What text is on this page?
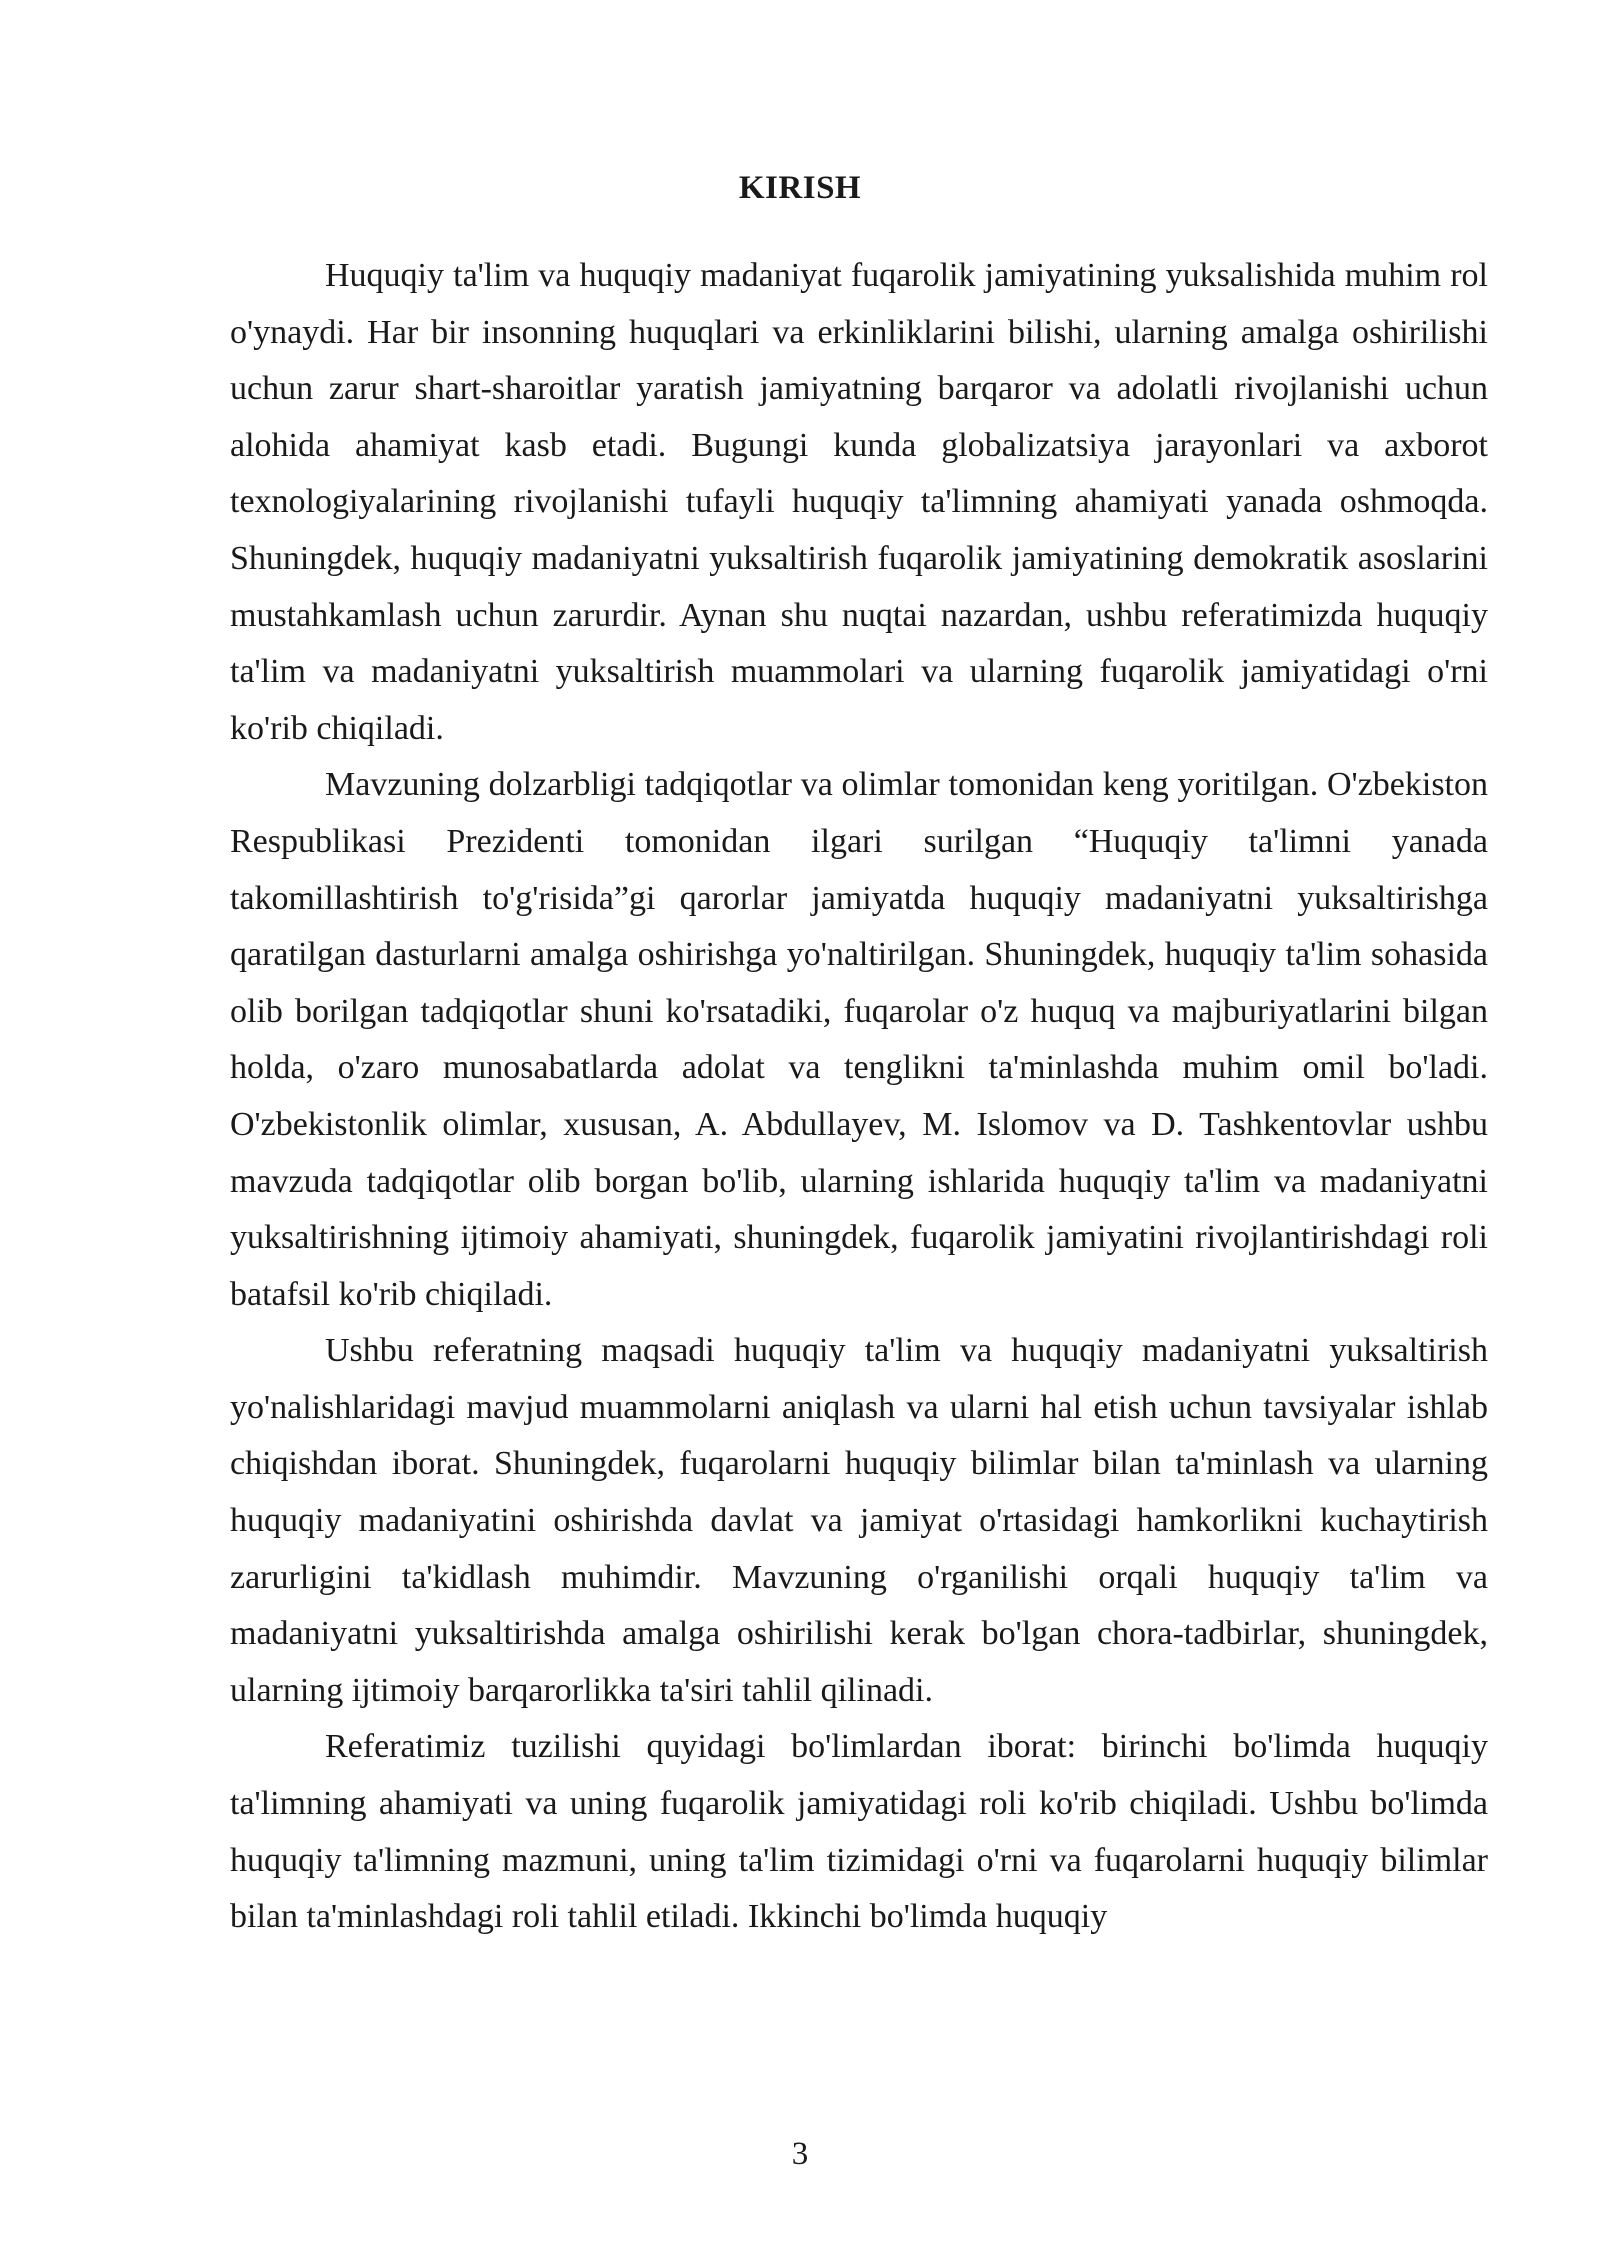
KIRISH

Huquqiy ta'lim va huquqiy madaniyat fuqarolik jamiyatining yuksalishida muhim rol o'ynaydi. Har bir insonning huquqlari va erkinliklarini bilishi, ularning amalga oshirilishi uchun zarur shart-sharoitlar yaratish jamiyatning barqaror va adolatli rivojlanishi uchun alohida ahamiyat kasb etadi. Bugungi kunda globalizatsiya jarayonlari va axborot texnologiyalarining rivojlanishi tufayli huquqiy ta'limning ahamiyati yanada oshmoqda. Shuningdek, huquqiy madaniyatni yuksaltirish fuqarolik jamiyatining demokratik asoslarini mustahkamlash uchun zarurdir. Aynan shu nuqtai nazardan, ushbu referatimizda huquqiy ta'lim va madaniyatni yuksaltirish muammolari va ularning fuqarolik jamiyatidagi o'rni ko'rib chiqiladi.

Mavzuning dolzarbligi tadqiqotlar va olimlar tomonidan keng yoritilgan. O'zbekiston Respublikasi Prezidenti tomonidan ilgari surilgan “Huquqiy ta'limni yanada takomillashtirish to'g'risida”gi qarorlar jamiyatda huquqiy madaniyatni yuksaltirishga qaratilgan dasturlarni amalga oshirishga yo'naltirilgan. Shuningdek, huquqiy ta'lim sohasida olib borilgan tadqiqotlar shuni ko'rsatadiki, fuqarolar o'z huquq va majburiyatlarini bilgan holda, o'zaro munosabatlarda adolat va tenglikni ta'minlashda muhim omil bo'ladi. O'zbekistonlik olimlar, xususan, A. Abdullayev, M. Islomov va D. Tashkentovlar ushbu mavzuda tadqiqotlar olib borgan bo'lib, ularning ishlarida huquqiy ta'lim va madaniyatni yuksaltirishning ijtimoiy ahamiyati, shuningdek, fuqarolik jamiyatini rivojlantirishdagi roli batafsil ko'rib chiqiladi.

Ushbu referatning maqsadi huquqiy ta'lim va huquqiy madaniyatni yuksaltirish yo'nalishlaridagi mavjud muammolarni aniqlash va ularni hal etish uchun tavsiyalar ishlab chiqishdan iborat. Shuningdek, fuqarolarni huquqiy bilimlar bilan ta'minlash va ularning huquqiy madaniyatini oshirishda davlat va jamiyat o'rtasidagi hamkorlikni kuchaytirish zarurligini ta'kidlash muhimdir. Mavzuning o'rganilishi orqali huquqiy ta'lim va madaniyatni yuksaltirishda amalga oshirilishi kerak bo'lgan chora-tadbirlar, shuningdek, ularning ijtimoiy barqarorlikka ta'siri tahlil qilinadi.

Referatimiz tuzilishi quyidagi bo'limlardan iborat: birinchi bo'limda huquqiy ta'limning ahamiyati va uning fuqarolik jamiyatidagi roli ko'rib chiqiladi. Ushbu bo'limda huquqiy ta'limning mazmuni, uning ta'lim tizimidagi o'rni va fuqarolarni huquqiy bilimlar bilan ta'minlashdagi roli tahlil etiladi. Ikkinchi bo'limda huquqiy

3
